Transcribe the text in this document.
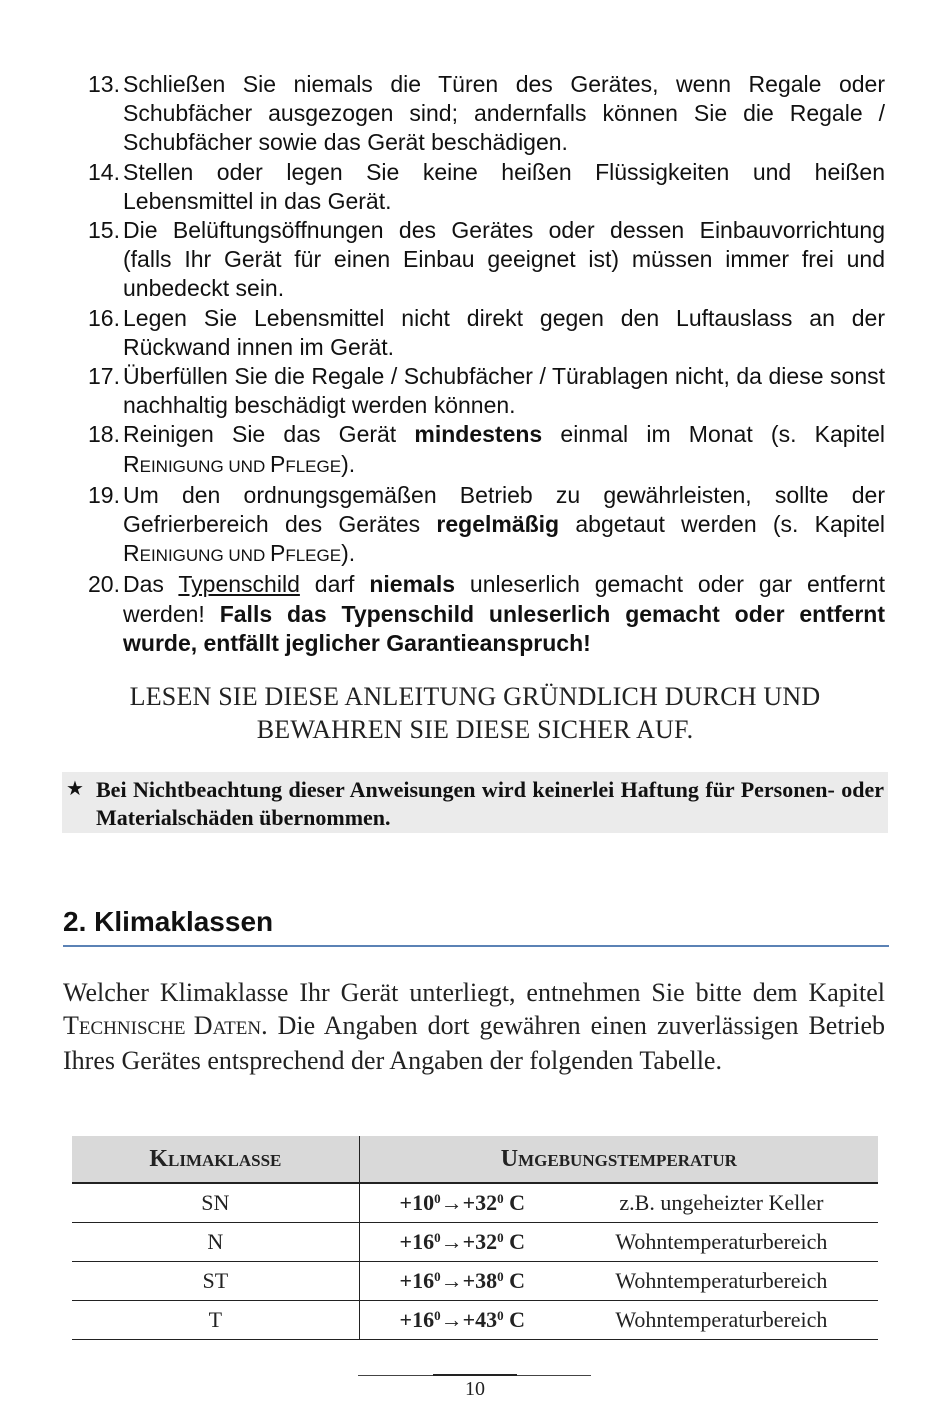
13. Schließen Sie niemals die Türen des Gerätes, wenn Regale oder Schubfächer ausgezogen sind; andernfalls können Sie die Regale / Schubfächer sowie das Gerät beschädigen.
14. Stellen oder legen Sie keine heißen Flüssigkeiten und heißen Lebensmittel in das Gerät.
15. Die Belüftungsöffnungen des Gerätes oder dessen Einbauvorrichtung (falls Ihr Gerät für einen Einbau geeignet ist) müssen immer frei und unbedeckt sein.
16. Legen Sie Lebensmittel nicht direkt gegen den Luftauslass an der Rückwand innen im Gerät.
17. Überfüllen Sie die Regale / Schubfächer / Türablagen nicht, da diese sonst nachhaltig beschädigt werden können.
18. Reinigen Sie das Gerät mindestens einmal im Monat (s. Kapitel REINIGUNG UND PFLEGE).
19. Um den ordnungsgemäßen Betrieb zu gewährleisten, sollte der Gefrierbereich des Gerätes regelmäßig abgetaut werden (s. Kapitel REINIGUNG UND PFLEGE).
20. Das Typenschild darf niemals unleserlich gemacht oder gar entfernt werden! Falls das Typenschild unleserlich gemacht oder entfernt wurde, entfällt jeglicher Garantieanspruch!
LESEN SIE DIESE ANLEITUNG GRÜNDLICH DURCH UND
BEWAHREN SIE DIESE SICHER AUF.
★ Bei Nichtbeachtung dieser Anweisungen wird keinerlei Haftung für Personen- oder Materialschäden übernommen.
2. Klimaklassen
Welcher Klimaklasse Ihr Gerät unterliegt, entnehmen Sie bitte dem Kapitel TECHNISCHE DATEN. Die Angaben dort gewähren einen zuverlässigen Betrieb Ihres Gerätes entsprechend der Angaben der folgenden Tabelle.
KLIMAKLASSE	UMGEBUNGSTEMPERATUR	
SN	$+10^0\to+32^0$ C	z.B. ungeheizter Keller
N	$+16^0\to+32^0$ C	Wohntemperaturbereich
ST	$+16^0\to+38^0$ C	Wohntemperaturbereich
T	$+16^0\to+43^0$ C	Wohntemperaturbereich
10
